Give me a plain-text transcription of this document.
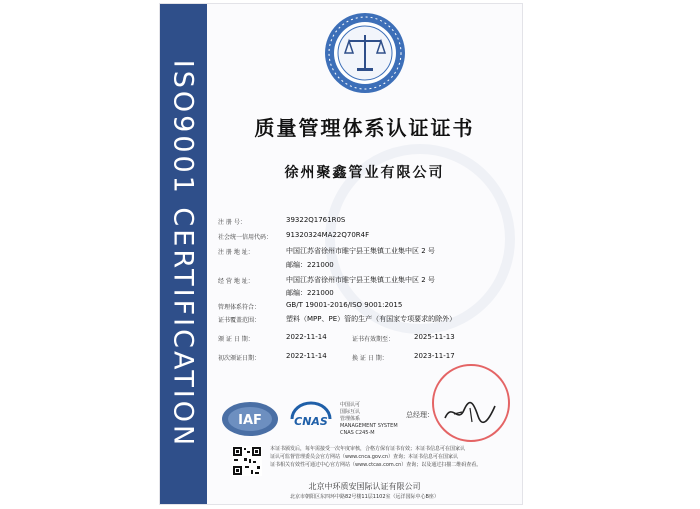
ISO9001 CERTIFICATION	质量管理体系认证证书
徐州聚鑫管业有限公司
注 册 号：	39322Q1761R0S
社会统一信用代码： 91320324MA22Q70R4F
注 册 地 址：	中国江苏省徐州市睢宁县王集镇工业集中区 2 号
邮编：221000
经 营 地 址：	中国江苏省徐州市睢宁县王集镇工业集中区 2 号
邮编：221000
管理体系符合：	GB/T 19001-2016/ISO 9001:2015
证书覆盖范围：	塑料（MPP、PE）管的生产（有国家专项要求的除外）
颁 证 日 期：	2022-11-14	证书有效期至：	2025-11-13
初次颁证日期：	2022-11-14	换 证 日 期：	2023-11-17
IAF	CNAS
中国认可
国际互认
管理体系
MANAGEMENT SYSTEM
CNAS C245-M
总经理：
本证书颁发后，每年需接受一次年度审核，合格方保有证书有效；本证书信息可在国家认
证认可监督管理委员会官方网站（www.cnca.gov.cn）查询；本证书信息可在国家认
证书相关有效性可通过中心官方网站（www.ctcas.com.cn）查询；以及通过扫描二维码查看。
北京中环质安国际认证有限公司
北京市朝阳区东四环中路82号楼11层1102室（远洋国际中心B座）
